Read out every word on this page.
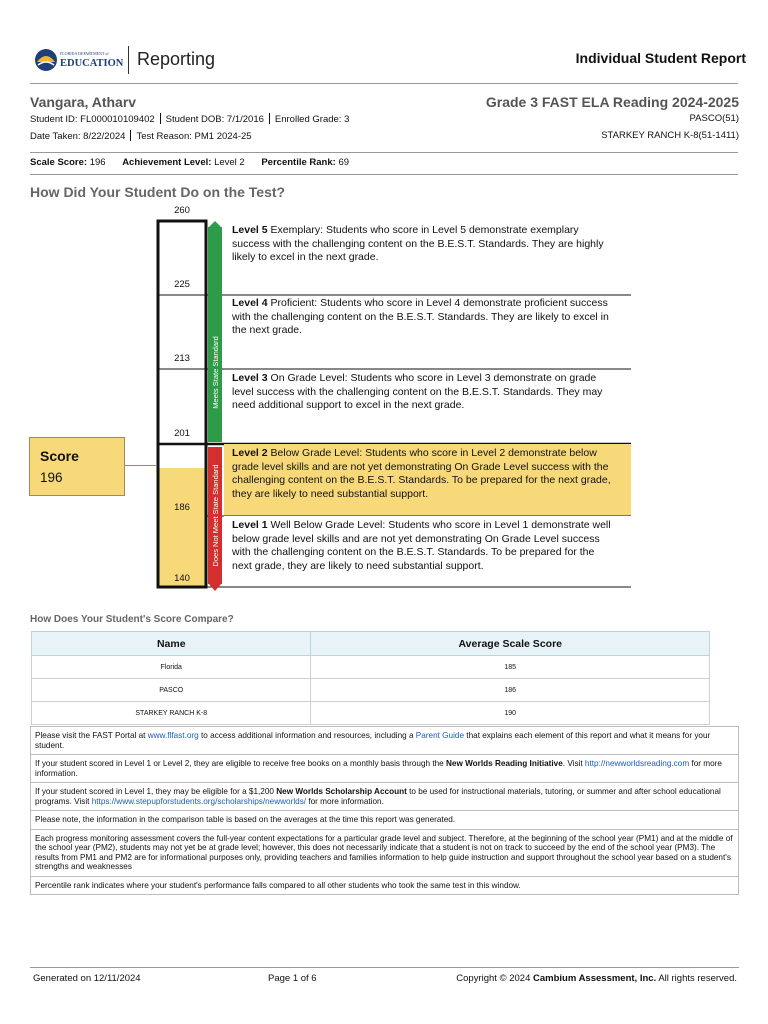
FLORIDA DEPARTMENT of
EDUCATION Reporting	Individual Student Report
Vangara, Atharv	Grade 3 FAST ELA Reading 2024-2025
Student ID: FL000010109402 Student DOB: 7/1/2016 Enrolled Grade: 3
Date Taken: 8/22/2024 Test Reason: PM1 2024-25
PASCO(51)
STARKEY RANCH K-8(51-1411)
Scale Score: 196 Achievement Level: Level 2 Percentile Rank: 69
How Did Your Student Do on the Test?
Meets State Standard
Does Not Meet State Standard
260
225
213
201
186
140
Level 5 Exemplary: Students who score in Level 5 demonstrate exemplary success with the challenging content on the B.E.S.T. Standards. They are highly likely to excel in the next grade.
Level 4 Proficient: Students who score in Level 4 demonstrate proficient success with the challenging content on the B.E.S.T. Standards. They are likely to excel in the next grade.
Level 3 On Grade Level: Students who score in Level 3 demonstrate on grade level success with the challenging content on the B.E.S.T. Standards. They may need additional support to excel in the next grade.
Level 2 Below Grade Level: Students who score in Level 2 demonstrate below grade level skills and are not yet demonstrating On Grade Level success with the challenging content on the B.E.S.T. Standards. To be prepared for the next grade, they are likely to need substantial support.
Level 1 Well Below Grade Level: Students who score in Level 1 demonstrate well below grade level skills and are not yet demonstrating On Grade Level success with the challenging content on the B.E.S.T. Standards. To be prepared for the next grade, they are likely to need substantial support.
Score
196
How Does Your Student's Score Compare?
Name	Average Scale Score
Florida	185
PASCO	186
STARKEY RANCH K-8	190
Please visit the FAST Portal at www.flfast.org to access additional information and resources, including a Parent Guide that explains each element of this report and what it means for your student.
If your student scored in Level 1 or Level 2, they are eligible to receive free books on a monthly basis through the New Worlds Reading Initiative. Visit http://newworldsreading.com for more information.
If your student scored in Level 1, they may be eligible for a $1,200 New Worlds Scholarship Account to be used for instructional materials, tutoring, or summer and after school educational programs. Visit https://www.stepupforstudents.org/scholarships/newworlds/ for more information.
Please note, the information in the comparison table is based on the averages at the time this report was generated.
Each progress monitoring assessment covers the full-year content expectations for a particular grade level and subject. Therefore, at the beginning of the school year (PM1) and at the middle of the school year (PM2), students may not yet be at grade level; however, this does not necessarily indicate that a student is not on track to succeed by the end of the school year (PM3). The results from PM1 and PM2 are for informational purposes only, providing teachers and families information to help guide instruction and support throughout the school year based on a student's strengths and weaknesses
Percentile rank indicates where your student's performance falls compared to all other students who took the same test in this window.
Generated on 12/11/2024	Page 1 of 6	Copyright © 2024 Cambium Assessment, Inc. All rights reserved.
